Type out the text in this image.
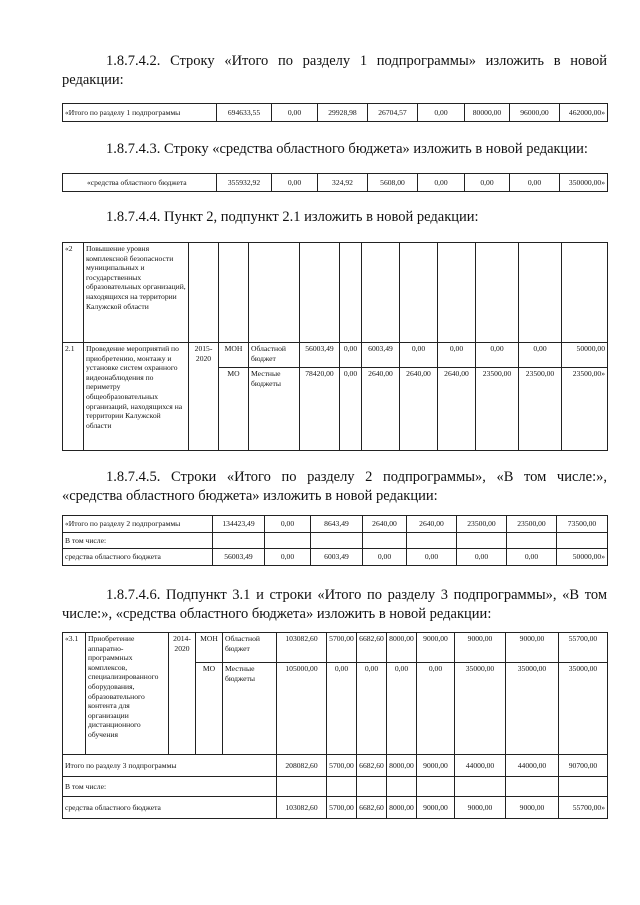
1.8.7.4.2. Строку «Итого по разделу 1 подпрограммы» изложить в новой редакции:
«Итого по разделу 1 подпрограммы	694633,55	0,00	29928,98	26704,57	0,00	80000,00	96000,00	462000,00»
1.8.7.4.3. Строку «средства областного бюджета» изложить в новой редакции:
«средства областного бюджета	355932,92	0,00	324,92	5608,00	0,00	0,00	0,00	350000,00»
1.8.7.4.4. Пункт 2, подпункт 2.1 изложить в новой редакции:
«2	Повышение уровня комплексной безопасности муниципальных и государственных образовательных организаций, находящихся на территории Калужской области											
2.1	Проведение мероприятий по приобретению, монтажу и установке систем охранного видеонаблюдения по периметру общеобразовательных организаций, находящихся на территории Калужской области	2015-2020	МОН	Областной бюджет	56003,49	0,00	6003,49	0,00	0,00	0,00	0,00	50000,00
			МО	Местные бюджеты	78420,00	0,00	2640,00	2640,00	2640,00	23500,00	23500,00	23500,00»
1.8.7.4.5. Строки «Итого по разделу 2 подпрограммы», «В том числе:», «средства областного бюджета» изложить в новой редакции:
«Итого по разделу 2 подпрограммы	134423,49	0,00	8643,49	2640,00	2640,00	23500,00	23500,00	73500,00
В том числе:								
средства областного бюджета	56003,49	0,00	6003,49	0,00	0,00	0,00	0,00	50000,00»
1.8.7.4.6. Подпункт 3.1 и строки «Итого по разделу 3 подпрограммы», «В том числе:», «средства областного бюджета» изложить в новой редакции:
«3.1	Приобретение аппаратно-программных комплексов, специализированного оборудования, образовательного контента для организации дистанционного обучения	2014-2020	МОН	Областной бюджет	103082,60	5700,00	6682,60	8000,00	9000,00	9000,00	9000,00	55700,00
			МО	Местные бюджеты	105000,00	0,00	0,00	0,00	0,00	35000,00	35000,00	35000,00
Итого по разделу 3 подпрограммы					208082,60	5700,00	6682,60	8000,00	9000,00	44000,00	44000,00	90700,00
В том числе:												
средства областного бюджета					103082,60	5700,00	6682,60	8000,00	9000,00	9000,00	9000,00	55700,00»
